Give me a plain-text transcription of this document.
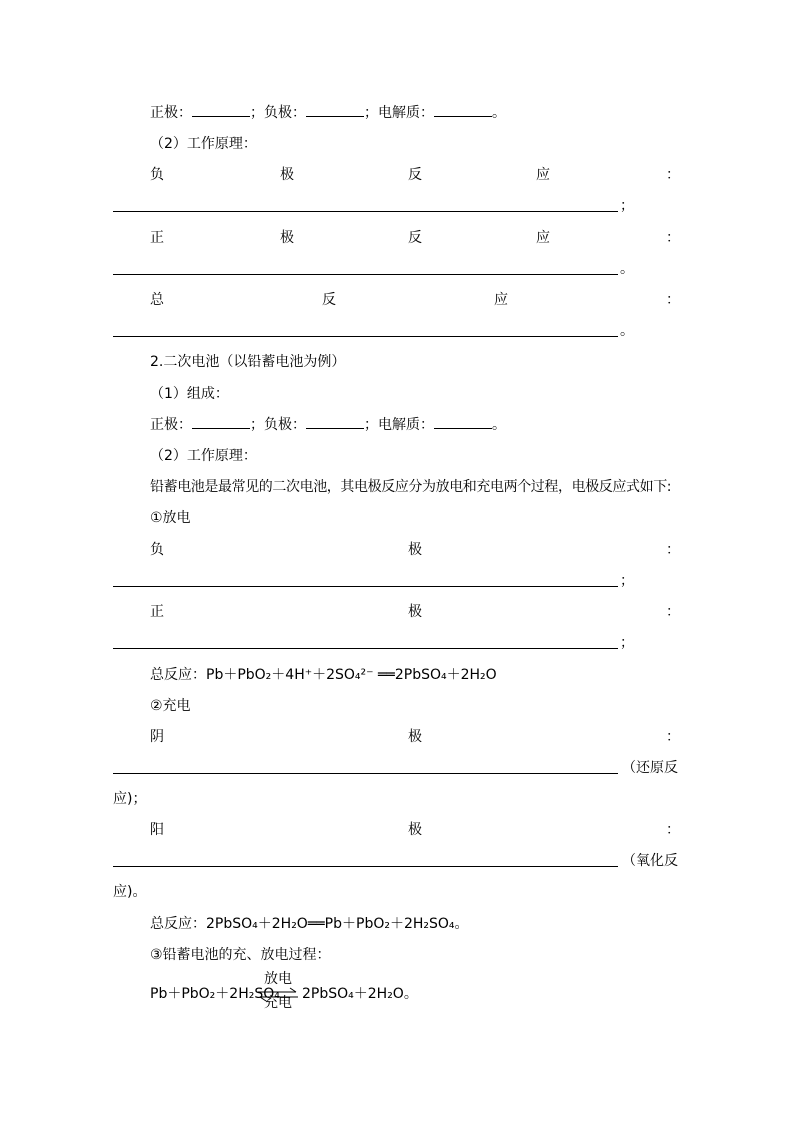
正极：	；负极：	；电解质：	。
（2）工作原理：
负	极	反	应	：
；
正	极	反	应	：
。
总	反	应	：
。
2.二次电池（以铅蓄电池为例）
（1）组成：
正极：	；负极：	；电解质：	。
（2）工作原理：
铅蓄电池是最常见的二次电池，其电极反应分为放电和充电两个过程，电极反应式如下:
①放电
负	极	：
；
正	极	：
；
总反应：Pb＋PbO₂＋4H⁺＋2SO₄²⁻ ══2PbSO₄＋2H₂O
②充电
阴	极	：
（还原反
应)；
阳	极	：
（氧化反
应)。
总反应：2PbSO₄＋2H₂O══Pb＋PbO₂＋2H₂SO₄。
③铅蓄电池的充、放电过程：
Pb＋PbO₂＋2H₂SO₄
放电
充电
2PbSO₄＋2H₂O。
